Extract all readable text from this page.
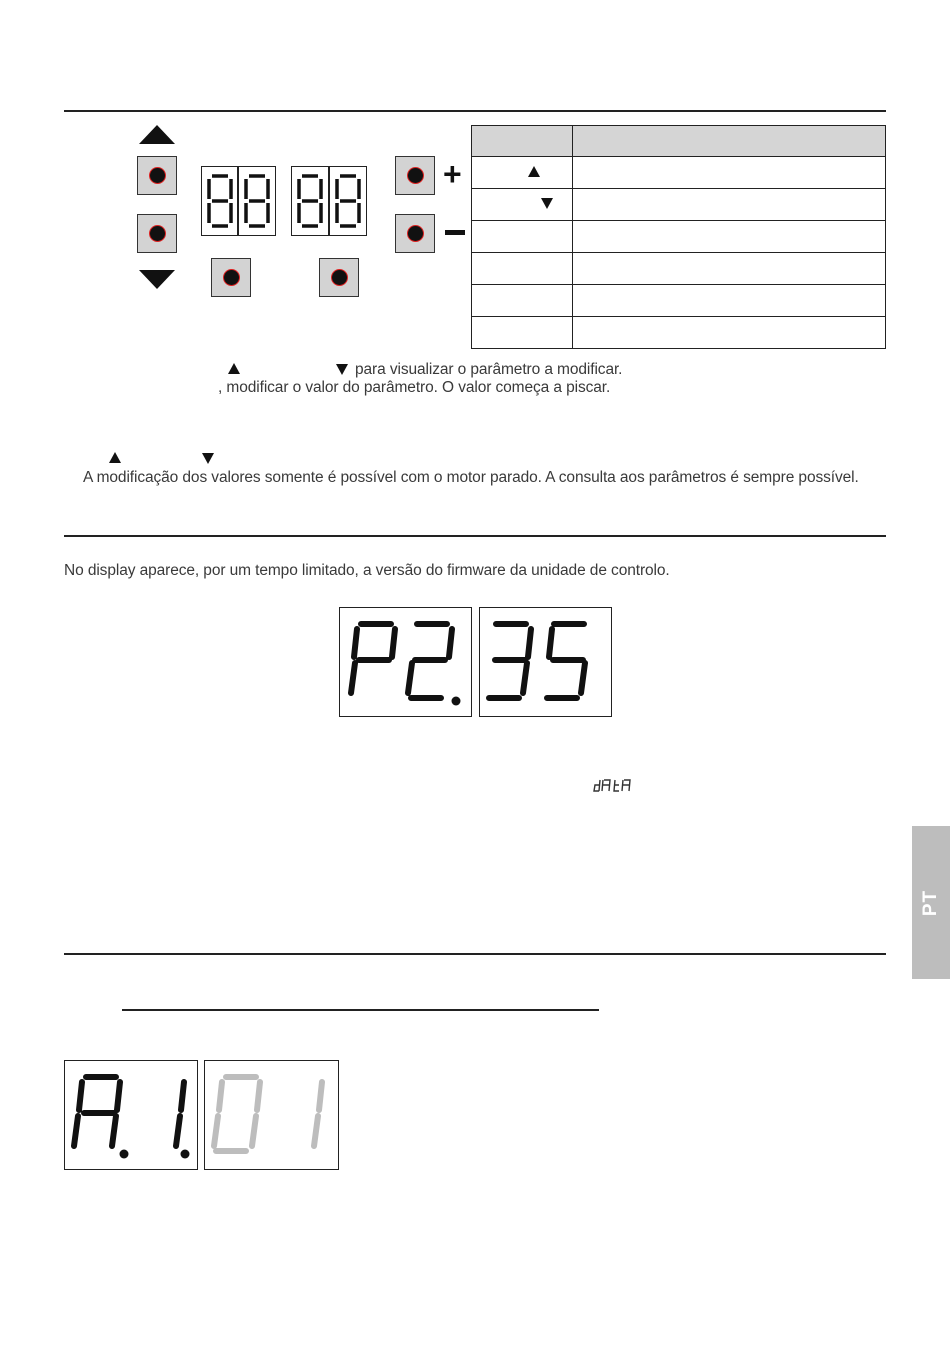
+

para visualizar o parâmetro a modificar.
, modificar o valor do parâmetro. O valor começa a piscar.
A modificação dos valores somente é possível com o motor parado. A consulta aos parâmetros é sempre possível.
No display aparece, por um tempo limitado, a versão do firmware da unidade de controlo.
PT
